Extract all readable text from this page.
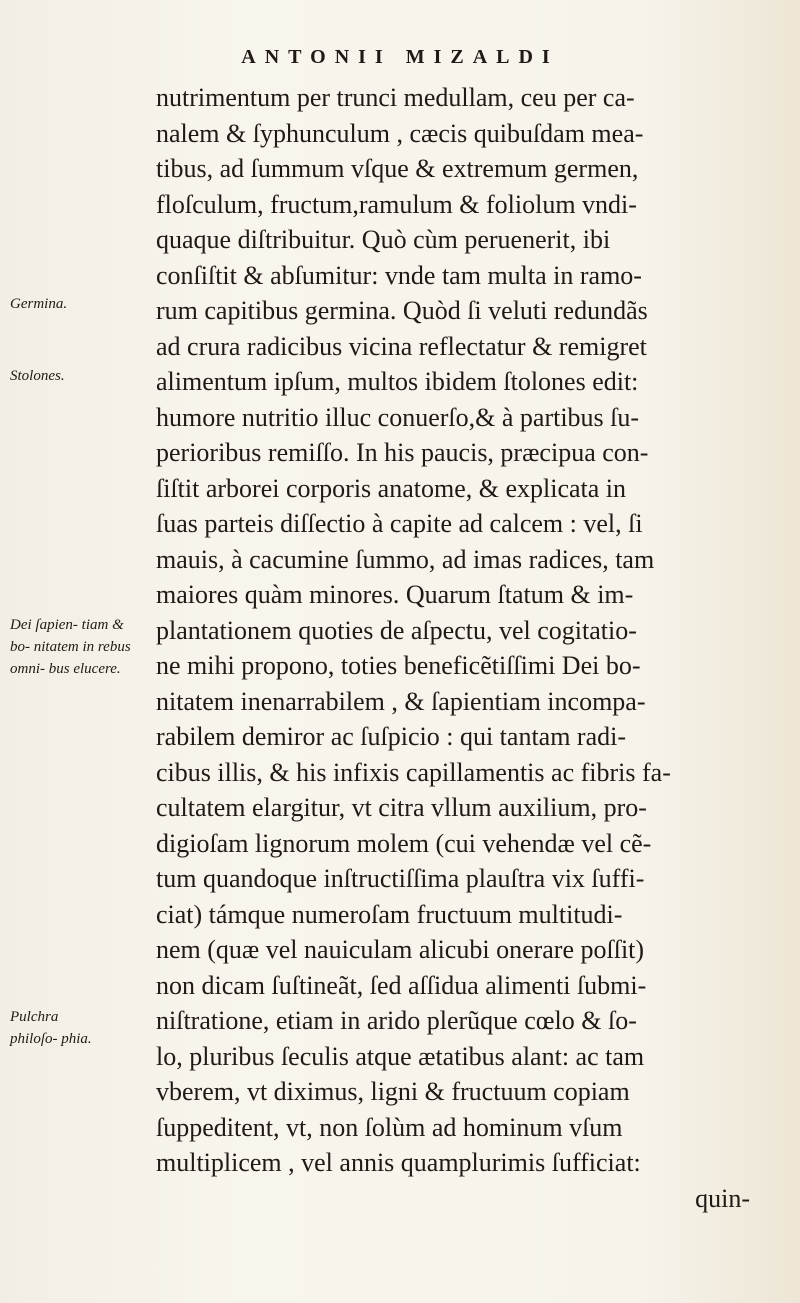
ANTONII MIZALDI
nutrimentum per trunci medullam, ceu per ca-
nalem & ſyphunculum , cæcis quibuſdam mea-
tibus, ad ſummum vſque & extremum germen,
floſculum, fructum,ramulum & foliolum vndi-
quaque diſtribuitur. Quò cùm peruenerit, ibi
conſiſtit & abſumitur: vnde tam multa in ramo-
rum capitibus germina. Quòd ſi veluti redundãs
ad crura radicibus vicina reflectatur & remigret
alimentum ipſum, multos ibidem ſtolones edit:
humore nutritio illuc conuerſo,& à partibus ſu-
perioribus remiſſo. In his paucis, præcipua con-
ſiſtit arborei corporis anatome, & explicata in
ſuas parteis diſſectio à capite ad calcem : vel, ſi
mauis, à cacumine ſummo, ad imas radices, tam
maiores quàm minores. Quarum ſtatum & im-
plantationem quoties de aſpectu, vel cogitatio-
ne mihi propono, toties beneficẽtiſſimi Dei bo-
nitatem inenarrabilem , & ſapientiam incompa-
rabilem demiror ac ſuſpicio : qui tantam radi-
cibus illis, & his infixis capillamentis ac fibris fa-
cultatem elargitur, vt citra vllum auxilium, pro-
digioſam lignorum molem (cui vehendæ vel cẽ-
tum quandoque inſtructiſſima plauſtra vix ſuffi-
ciat) támque numeroſam fructuum multitudi-
nem (quæ vel nauiculam alicubi onerare poſſit)
non dicam ſuſtineãt, ſed aſſidua alimenti ſubmi-
niſtratione, etiam in arido plerũque cœlo & ſo-
lo, pluribus ſeculis atque ætatibus alant: ac tam
vberem, vt diximus, ligni & fructuum copiam
ſuppeditent, vt, non ſolùm ad hominum vſum
multiplicem , vel annis quamplurimis ſufficiat:
quin-
Germina.
Stolones.
Dei ſapien- tiam & bo- nitatem in rebus omni- bus elucere.
Pulchra philoſo- phia.
